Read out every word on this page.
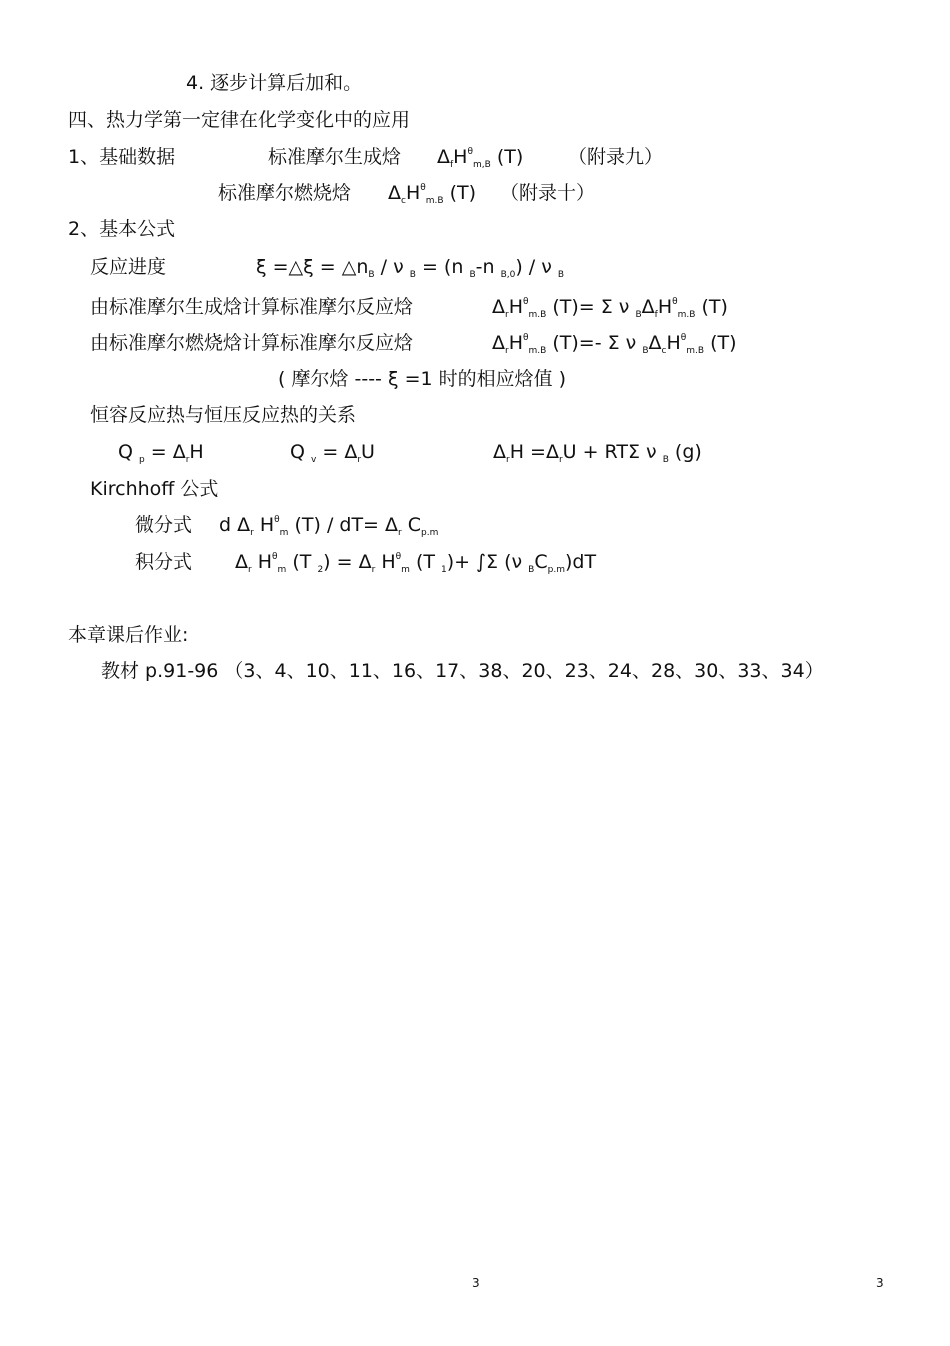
4. 逐步计算后加和。
四、热力学第一定律在化学变化中的应用
1、基础数据	标准摩尔生成焓 $\Delta_fH^\theta_{m,B}$ (T) （附录九）
标准摩尔燃烧焓 $\Delta_cH^\theta_{m.B}$ (T) （附录十）
2、基本公式
反应进度	ξ =△ξ = $\triangle n_B$ / ν $_B$ = (n $_B$-n $_{B,0}$) / ν $_B$
由标准摩尔生成焓计算标准摩尔反应焓	$\Delta_rH^\theta_{m.B}$ (T)= Σ ν $_B\Delta_fH^\theta_{m.B}$ (T)
由标准摩尔燃烧焓计算标准摩尔反应焓	$\Delta_rH^\theta_{m.B}$ (T)=- Σ ν $_B\Delta_cH^\theta_{m.B}$ (T)
( 摩尔焓 ---- ξ =1 时的相应焓值 )
恒容反应热与恒压反应热的关系
Q $_p = \Delta_rH$	Q $_v = \Delta_rU$	$\Delta_rH =\Delta_rU + RT\Sigma$ ν $_B$ (g)
Kirchhoff 公式
微分式 d $\Delta_r$ $H^\theta_m$ $(T) / dT= \Delta_r$ $C_{p.m}$
积分式 $\Delta_r$ $H^\theta_m$ (T $_2) = \Delta_r$ $H^\theta_m$ (T $_1$)+ ∫Σ (ν $_BC_{p.m})dT$
本章课后作业:
教材 p.91-96 （3、4、10、11、16、17、38、20、23、24、28、30、33、34）
3	3
